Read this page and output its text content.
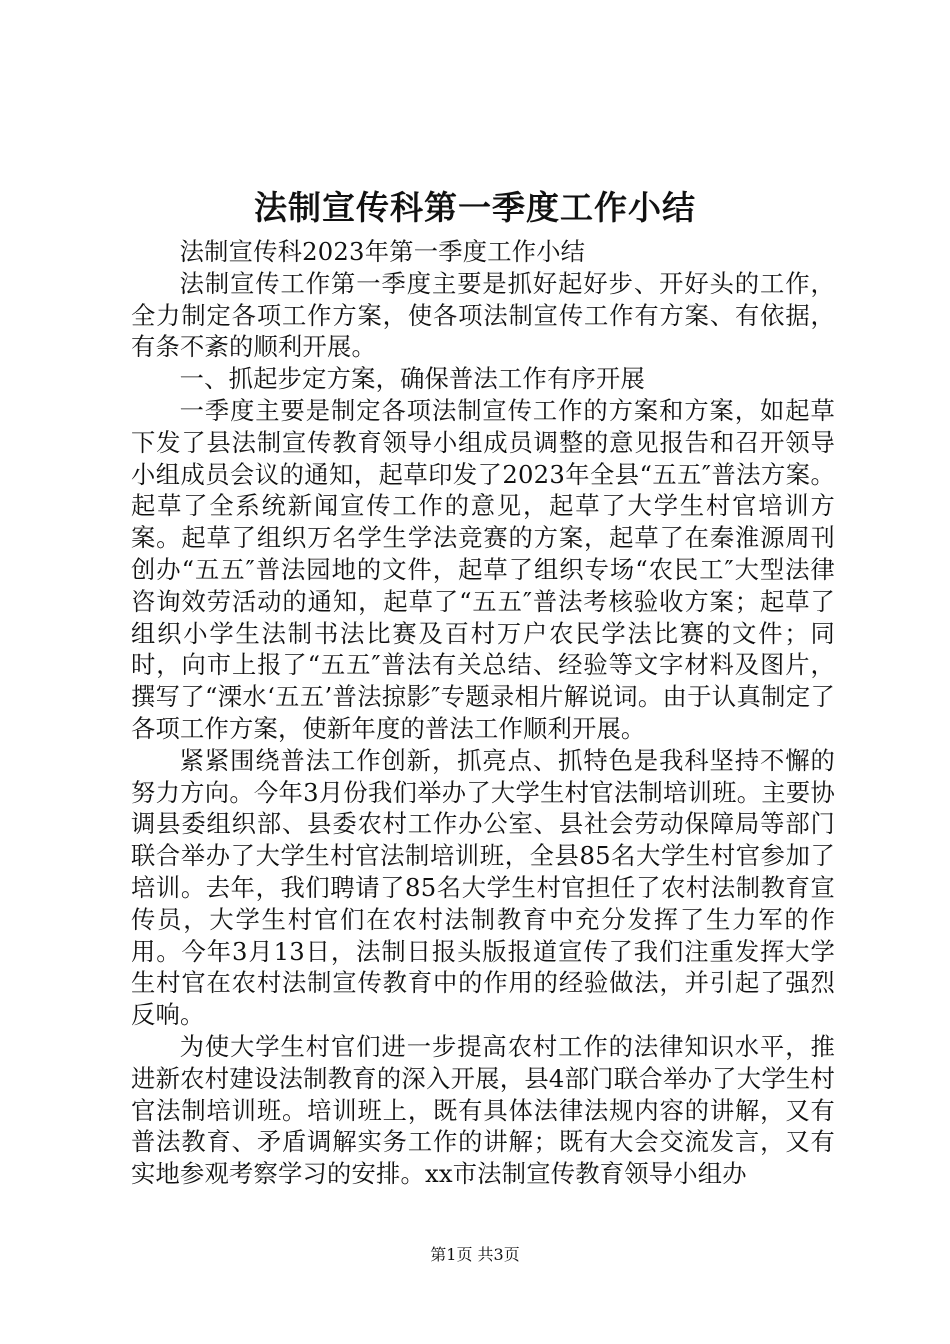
法制宣传科第一季度工作小结

法制宣传科2023年第一季度工作小结

法制宣传工作第一季度主要是抓好起好步、开好头的工作，全力制定各项工作方案，使各项法制宣传工作有方案、有依据，有条不紊的顺利开展。

一、抓起步定方案，确保普法工作有序开展

一季度主要是制定各项法制宣传工作的方案和方案，如起草下发了县法制宣传教育领导小组成员调整的意见报告和召开领导小组成员会议的通知，起草印发了2023年全县“五五″普法方案。起草了全系统新闻宣传工作的意见，起草了大学生村官培训方案。起草了组织万名学生学法竞赛的方案，起草了在秦淮源周刊创办“五五″普法园地的文件，起草了组织专场“农民工″大型法律咨询效劳活动的通知，起草了“五五″普法考核验收方案；起草了组织小学生法制书法比赛及百村万户农民学法比赛的文件；同时，向市上报了“五五″普法有关总结、经验等文字材料及图片，撰写了“溧水‘五五’普法掠影″专题录相片解说词。由于认真制定了各项工作方案，使新年度的普法工作顺利开展。

紧紧围绕普法工作创新，抓亮点、抓特色是我科坚持不懈的努力方向。今年3月份我们举办了大学生村官法制培训班。主要协调县委组织部、县委农村工作办公室、县社会劳动保障局等部门联合举办了大学生村官法制培训班，全县85名大学生村官参加了培训。去年，我们聘请了85名大学生村官担任了农村法制教育宣传员，大学生村官们在农村法制教育中充分发挥了生力军的作用。今年3月13日，法制日报头版报道宣传了我们注重发挥大学生村官在农村法制宣传教育中的作用的经验做法，并引起了强烈反响。

为使大学生村官们进一步提高农村工作的法律知识水平，推进新农村建设法制教育的深入开展，县4部门联合举办了大学生村官法制培训班。培训班上，既有具体法律法规内容的讲解，又有普法教育、矛盾调解实务工作的讲解；既有大会交流发言，又有实地参观考察学习的安排。xx市法制宣传教育领导小组办

第1页 共3页
